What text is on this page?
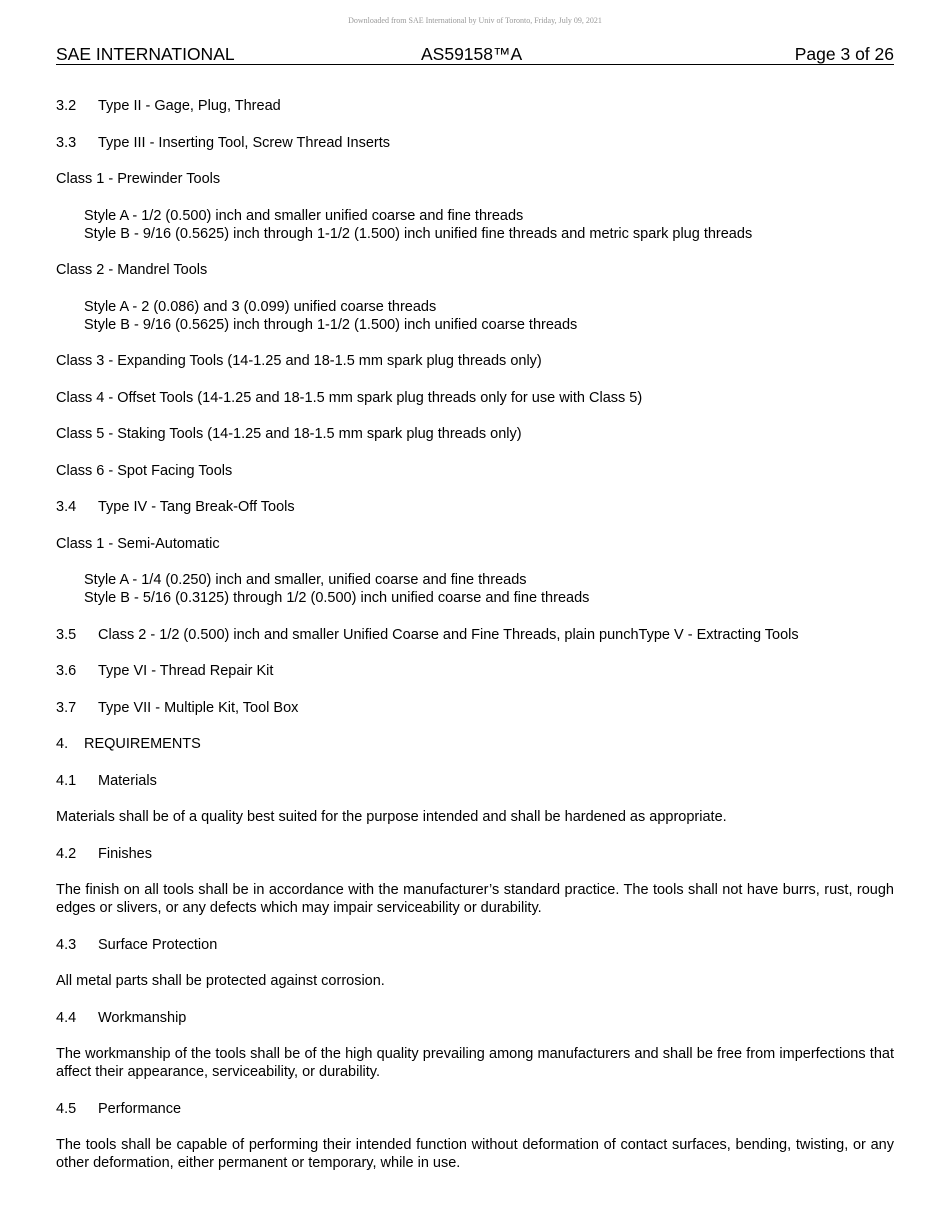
Downloaded from SAE International by Univ of Toronto, Friday, July 09, 2021
SAE INTERNATIONAL	AS59158™A	Page 3 of 26
3.2	Type II - Gage, Plug, Thread
3.3	Type III - Inserting Tool, Screw Thread Inserts
Class 1 - Prewinder Tools
Style A - 1/2 (0.500) inch and smaller unified coarse and fine threads
Style B - 9/16 (0.5625) inch through 1-1/2 (1.500) inch unified fine threads and metric spark plug threads
Class 2 - Mandrel Tools
Style A - 2 (0.086) and 3 (0.099) unified coarse threads
Style B - 9/16 (0.5625) inch through 1-1/2 (1.500) inch unified coarse threads
Class 3 - Expanding Tools (14-1.25 and 18-1.5 mm spark plug threads only)
Class 4 - Offset Tools (14-1.25 and 18-1.5 mm spark plug threads only for use with Class 5)
Class 5 - Staking Tools (14-1.25 and 18-1.5 mm spark plug threads only)
Class 6 - Spot Facing Tools
3.4	Type IV - Tang Break-Off Tools
Class 1 - Semi-Automatic
Style A - 1/4 (0.250) inch and smaller, unified coarse and fine threads
Style B - 5/16 (0.3125) through 1/2 (0.500) inch unified coarse and fine threads
3.5	Class 2 - 1/2 (0.500) inch and smaller Unified Coarse and Fine Threads, plain punchType V - Extracting Tools
3.6	Type VI - Thread Repair Kit
3.7	Type VII - Multiple Kit, Tool Box
4.	REQUIREMENTS
4.1	Materials
Materials shall be of a quality best suited for the purpose intended and shall be hardened as appropriate.
4.2	Finishes
The finish on all tools shall be in accordance with the manufacturer’s standard practice. The tools shall not have burrs, rust, rough edges or slivers, or any defects which may impair serviceability or durability.
4.3	Surface Protection
All metal parts shall be protected against corrosion.
4.4	Workmanship
The workmanship of the tools shall be of the high quality prevailing among manufacturers and shall be free from imperfections that affect their appearance, serviceability, or durability.
4.5	Performance
The tools shall be capable of performing their intended function without deformation of contact surfaces, bending, twisting, or any other deformation, either permanent or temporary, while in use.
